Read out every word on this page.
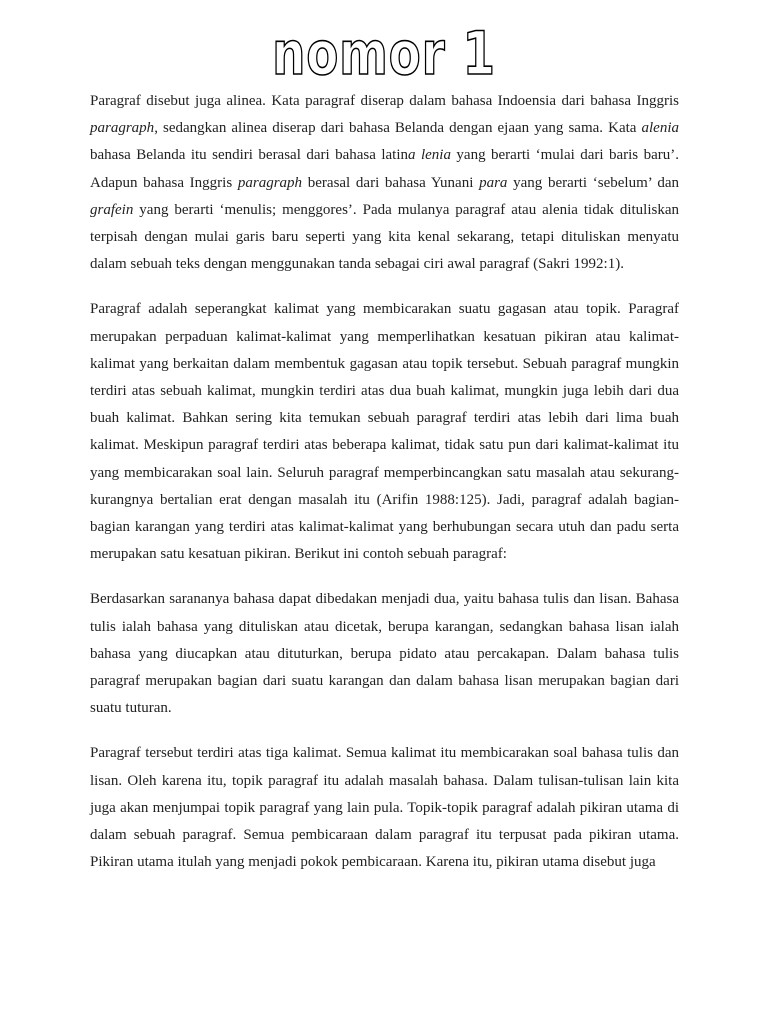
nomor 1

Paragraf disebut juga alinea. Kata paragraf diserap dalam bahasa Indoensia dari bahasa Inggris paragraph, sedangkan alinea diserap dari bahasa Belanda dengan ejaan yang sama. Kata alenia bahasa Belanda itu sendiri berasal dari bahasa latina lenia yang berarti ‘mulai dari baris baru’. Adapun bahasa Inggris paragraph berasal dari bahasa Yunani para yang berarti ‘sebelum’ dan grafein yang berarti ‘menulis; menggores’. Pada mulanya paragraf atau alenia tidak dituliskan terpisah dengan mulai garis baru seperti yang kita kenal sekarang, tetapi dituliskan menyatu dalam sebuah teks dengan menggunakan tanda sebagai ciri awal paragraf (Sakri 1992:1).

Paragraf adalah seperangkat kalimat yang membicarakan suatu gagasan atau topik. Paragraf merupakan perpaduan kalimat-kalimat yang memperlihatkan kesatuan pikiran atau kalimat-kalimat yang berkaitan dalam membentuk gagasan atau topik tersebut. Sebuah paragraf mungkin terdiri atas sebuah kalimat, mungkin terdiri atas dua buah kalimat, mungkin juga lebih dari dua buah kalimat. Bahkan sering kita temukan sebuah paragraf terdiri atas lebih dari lima buah kalimat. Meskipun paragraf terdiri atas beberapa kalimat, tidak satu pun dari kalimat-kalimat itu yang membicarakan soal lain. Seluruh paragraf memperbincangkan satu masalah atau sekurang-kurangnya bertalian erat dengan masalah itu (Arifin 1988:125). Jadi, paragraf adalah bagian-bagian karangan yang terdiri atas kalimat-kalimat yang berhubungan secara utuh dan padu serta merupakan satu kesatuan pikiran. Berikut ini contoh sebuah paragraf:

Berdasarkan sarananya bahasa dapat dibedakan menjadi dua, yaitu bahasa tulis dan lisan. Bahasa tulis ialah bahasa yang dituliskan atau dicetak, berupa karangan, sedangkan bahasa lisan ialah bahasa yang diucapkan atau dituturkan, berupa pidato atau percakapan. Dalam bahasa tulis paragraf merupakan bagian dari suatu karangan dan dalam bahasa lisan merupakan bagian dari suatu tuturan.

Paragraf tersebut terdiri atas tiga kalimat. Semua kalimat itu membicarakan soal bahasa tulis dan lisan. Oleh karena itu, topik paragraf itu adalah masalah bahasa. Dalam tulisan-tulisan lain kita juga akan menjumpai topik paragraf yang lain pula. Topik-topik paragraf adalah pikiran utama di dalam sebuah paragraf. Semua pembicaraan dalam paragraf itu terpusat pada pikiran utama. Pikiran utama itulah yang menjadi pokok pembicaraan. Karena itu, pikiran utama disebut juga
